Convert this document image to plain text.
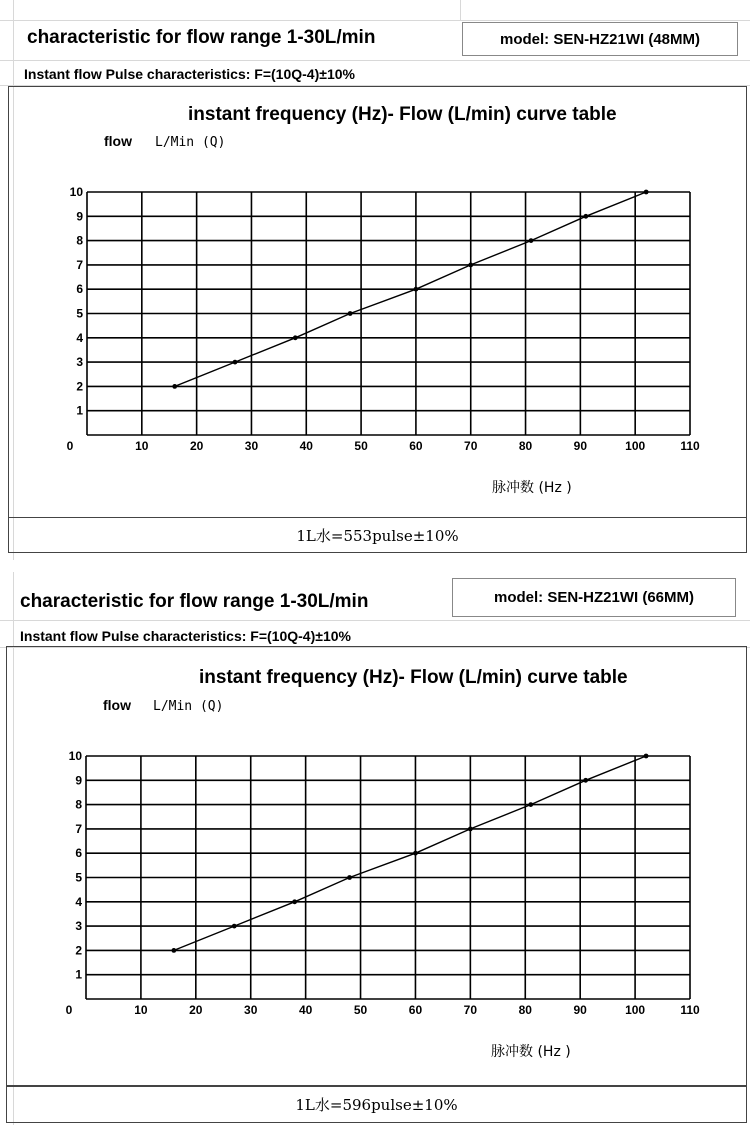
characteristic for flow range 1-30L/min	model: SEN-HZ21WI (48MM)
Instant flow Pulse characteristics: F=(10Q-4)±10%
instant frequency (Hz)- Flow (L/min) curve table
flow L/Min (Q)
脉冲数 (Hz )
0	10	20	30	40	50	60	70	80	90	100	110
1
2
3
4
5
6
7
8
9
10
1L水=553pulse±10%
characteristic for flow range 1-30L/min	model: SEN-HZ21WI (66MM)
Instant flow Pulse characteristics: F=(10Q-4)±10%
instant frequency (Hz)- Flow (L/min) curve table
flow L/Min (Q)
脉冲数 (Hz )
0	10	20	30	40	50	60	70	80	90	100	110
1
2
3
4
5
6
7
8
9
10
1L水=596pulse±10%
